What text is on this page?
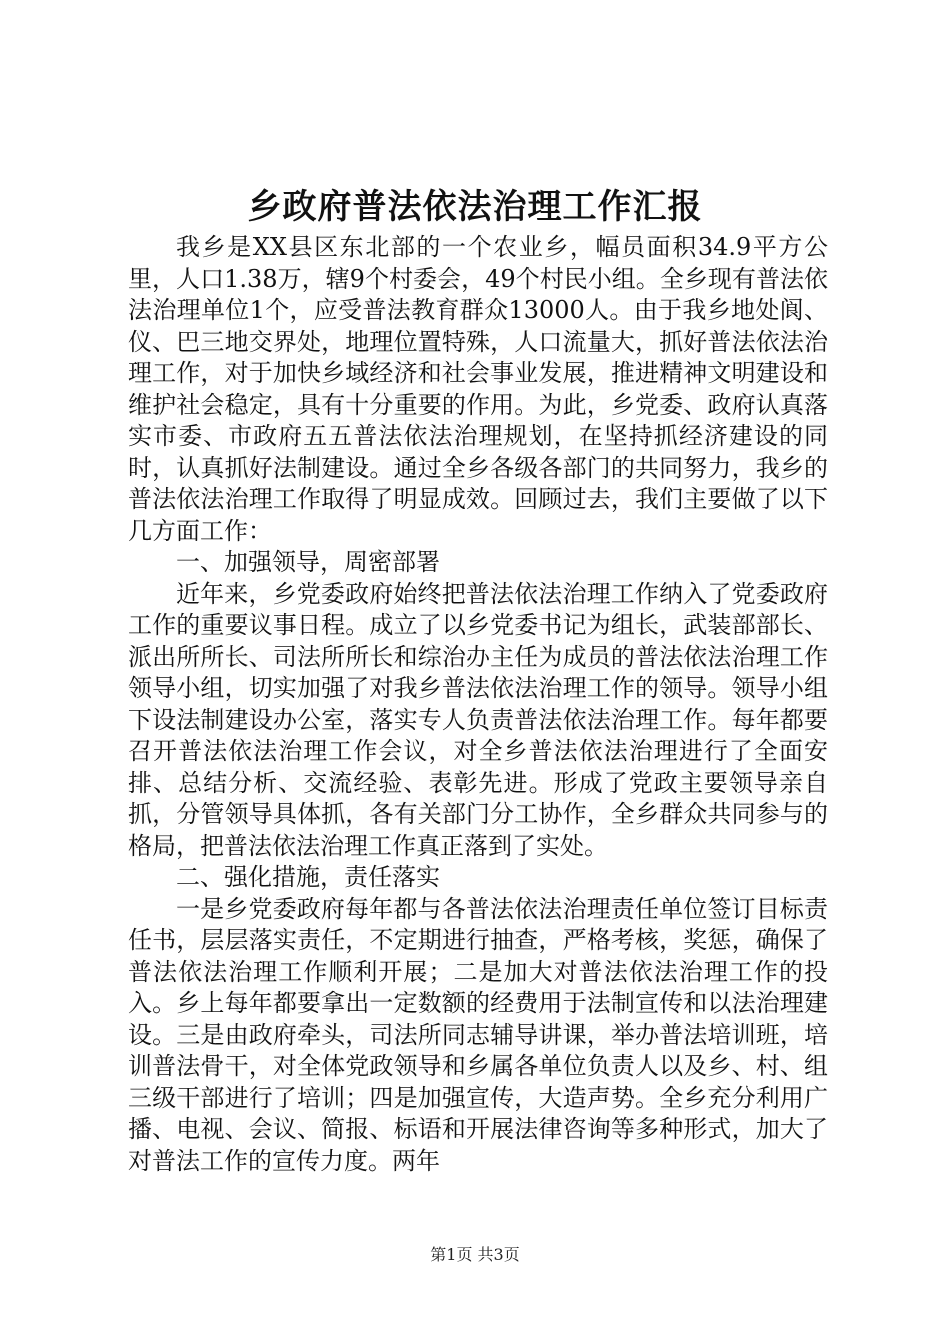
乡政府普法依法治理工作汇报

我乡是XX县区东北部的一个农业乡，幅员面积34.9平方公里，人口1.38万，辖9个村委会，49个村民小组。全乡现有普法依法治理单位1个，应受普法教育群众13000人。由于我乡地处阆、仪、巴三地交界处，地理位置特殊，人口流量大，抓好普法依法治理工作，对于加快乡域经济和社会事业发展，推进精神文明建设和维护社会稳定，具有十分重要的作用。为此，乡党委、政府认真落实市委、市政府五五普法依法治理规划，在坚持抓经济建设的同时，认真抓好法制建设。通过全乡各级各部门的共同努力，我乡的普法依法治理工作取得了明显成效。回顾过去，我们主要做了以下几方面工作：

一、加强领导，周密部署

近年来，乡党委政府始终把普法依法治理工作纳入了党委政府工作的重要议事日程。成立了以乡党委书记为组长，武装部部长、派出所所长、司法所所长和综治办主任为成员的普法依法治理工作领导小组，切实加强了对我乡普法依法治理工作的领导。领导小组下设法制建设办公室，落实专人负责普法依法治理工作。每年都要召开普法依法治理工作会议，对全乡普法依法治理进行了全面安排、总结分析、交流经验、表彰先进。形成了党政主要领导亲自抓，分管领导具体抓，各有关部门分工协作，全乡群众共同参与的格局，把普法依法治理工作真正落到了实处。

二、强化措施，责任落实

一是乡党委政府每年都与各普法依法治理责任单位签订目标责任书，层层落实责任，不定期进行抽查，严格考核，奖惩，确保了普法依法治理工作顺利开展；二是加大对普法依法治理工作的投入。乡上每年都要拿出一定数额的经费用于法制宣传和以法治理建设。三是由政府牵头，司法所同志辅导讲课，举办普法培训班，培训普法骨干，对全体党政领导和乡属各单位负责人以及乡、村、组三级干部进行了培训；四是加强宣传，大造声势。全乡充分利用广播、电视、会议、简报、标语和开展法律咨询等多种形式，加大了对普法工作的宣传力度。两年

第1页 共3页
